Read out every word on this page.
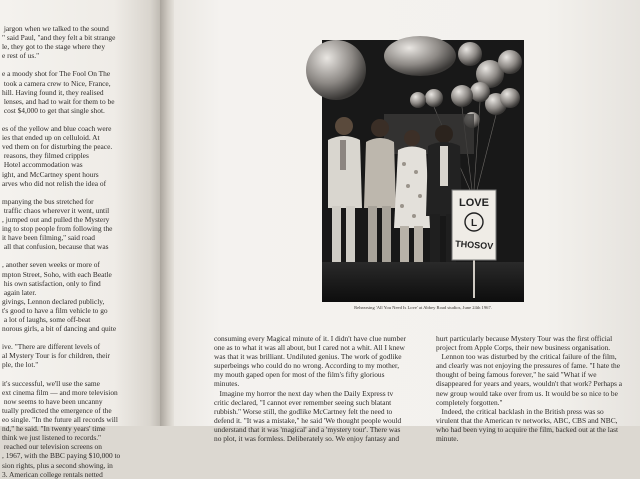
jargon when we talked to the sound
" said Paul, "and they felt a bit strange
le, they got to the stage where they
e rest of us."

e a moody shot for The Fool On The
took a camera crew to Nice, France,
hill. Having found it, they realised
lenses, and had to wait for them to be
cost $4,000 to get that single shot.

es of the yellow and blue coach were
ies that ended up on celluloid. At
ved them on for disturbing the peace.
reasons, they filmed cripples
Hotel accommodation was
ight, and McCartney spent hours
arves who did not relish the idea of

mpanying the bus stretched for
traffic chaos wherever it went, until
, jumped out and pulled the Mystery
ing to stop people from following the
it have been filming," said road
all that confusion, because that was

, another seven weeks or more of
mpton Street, Soho, with each Beatle
his own satisfaction, only to find
again later.
givings, Lennon declared publicly,
t's good to have a film vehicle to go
a lot of laughs, some off-beat
norous girls, a bit of dancing and quite

ive. "There are different levels of
al Mystery Tour is for children, their
ple, the lot."

it's successful, we'll use the same
ext cinema film — and more television
now seems to have been uncanny
tually predicted the emergence of the
eo single. "In the future all records will
nd," he said. "In twenty years' time
think we just listened to records."
reached our television screens on
, 1967, with the BBC paying $10,000 to
sion rights, plus a second showing, in
3. American college rentals netted
LOVE
L
THOSOV
Rehearsing 'All You Need Is Love' at Abbey Road studios, June 24th 1967.
consuming every Magical minute of it. I didn't have clue number
one as to what it was all about, but I cared not a whit. All I knew
was that it was brilliant. Undiluted genius. The work of godlike
superbeings who could do no wrong. According to my mother,
my mouth gaped open for most of the film's fifty glorious
minutes.
Imagine my horror the next day when the Daily Express tv
critic declared, "I cannot ever remember seeing such blatant
rubbish." Worse still, the godlike McCartney felt the need to
defend it. "It was a mistake," he said 'We thought people would
understand that it was 'magical' and a 'mystery tour'. There was
no plot, it was formless. Deliberately so. We enjoy fantasy and
hurt particularly because Mystery Tour was the first official
project from Apple Corps, their new business organisation.
Lennon too was disturbed by the critical failure of the film,
and clearly was not enjoying the pressures of fame. "I hate the
thought of being famous forever," he said "What if we
disappeared for years and years, wouldn't that work? Perhaps a
new group would take over from us. It would be so nice to be
completely forgotten."
Indeed, the critical backlash in the British press was so
virulent that the American tv networks, ABC, CBS and NBC,
who had been vying to acquire the film, backed out at the last
minute.
